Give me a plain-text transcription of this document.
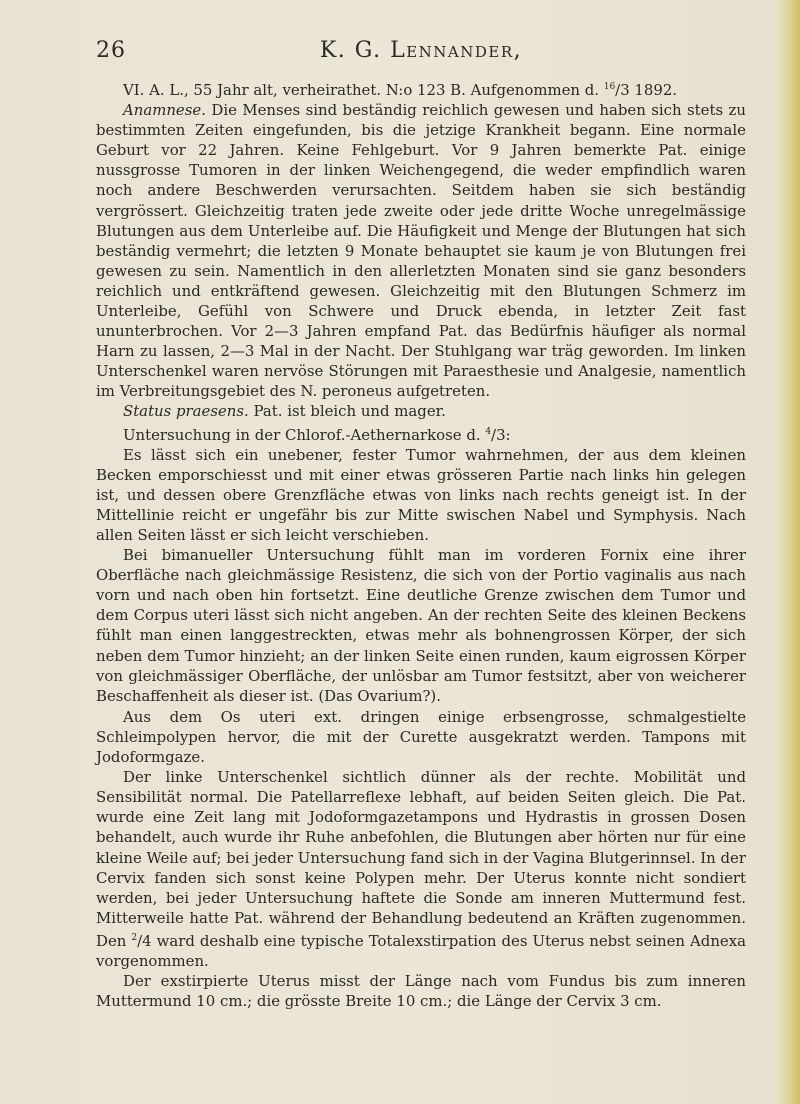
26	K. G. Lennander,

VI. A. L., 55 Jahr alt, verheirathet. N:o 123 B. Aufgenommen d. $^{16}$/3 1892.

Anamnese. Die Menses sind beständig reichlich gewesen und haben sich stets zu bestimmten Zeiten eingefunden, bis die jetzige Krankheit begann. Eine normale Geburt vor 22 Jahren. Keine Fehlgeburt. Vor 9 Jahren bemerkte Pat. einige nussgrosse Tumoren in der linken Weichengegend, die weder empfindlich waren noch andere Beschwerden verursachten. Seitdem haben sie sich beständig vergrössert. Gleichzeitig traten jede zweite oder jede dritte Woche unregelmässige Blutungen aus dem Unterleibe auf. Die Häufigkeit und Menge der Blutungen hat sich beständig vermehrt; die letzten 9 Monate behauptet sie kaum je von Blutungen frei gewesen zu sein. Namentlich in den allerletzten Monaten sind sie ganz besonders reichlich und entkräftend gewesen. Gleichzeitig mit den Blutungen Schmerz im Unterleibe, Gefühl von Schwere und Druck ebenda, in letzter Zeit fast ununterbrochen. Vor 2—3 Jahren empfand Pat. das Bedürfnis häufiger als normal Harn zu lassen, 2—3 Mal in der Nacht. Der Stuhlgang war träg geworden. Im linken Unterschenkel waren nervöse Störungen mit Paraesthesie und Analgesie, namentlich im Verbreitungsgebiet des N. peroneus aufgetreten.

Status praesens. Pat. ist bleich und mager.

Untersuchung in der Chlorof.-Aethernarkose d. $^4$/3:

Es lässt sich ein unebener, fester Tumor wahrnehmen, der aus dem kleinen Becken emporschiesst und mit einer etwas grösseren Partie nach links hin gelegen ist, und dessen obere Grenzfläche etwas von links nach rechts geneigt ist. In der Mittellinie reicht er ungefähr bis zur Mitte swischen Nabel und Symphysis. Nach allen Seiten lässt er sich leicht verschieben.

Bei bimanueller Untersuchung fühlt man im vorderen Fornix eine ihrer Oberfläche nach gleichmässige Resistenz, die sich von der Portio vaginalis aus nach vorn und nach oben hin fortsetzt. Eine deutliche Grenze zwischen dem Tumor und dem Corpus uteri lässt sich nicht angeben. An der rechten Seite des kleinen Beckens fühlt man einen langgestreckten, etwas mehr als bohnengrossen Körper, der sich neben dem Tumor hinzieht; an der linken Seite einen runden, kaum eigrossen Körper von gleichmässiger Oberfläche, der unlösbar am Tumor festsitzt, aber von weicherer Beschaffenheit als dieser ist. (Das Ovarium?).

Aus dem Os uteri ext. dringen einige erbsengrosse, schmalgestielte Schleimpolypen hervor, die mit der Curette ausgekratzt werden. Tampons mit Jodoformgaze.

Der linke Unterschenkel sichtlich dünner als der rechte. Mobilität und Sensibilität normal. Die Patellarreflexe lebhaft, auf beiden Seiten gleich. Die Pat. wurde eine Zeit lang mit Jodoformgazetampons und Hydrastis in grossen Dosen behandelt, auch wurde ihr Ruhe anbefohlen, die Blutungen aber hörten nur für eine kleine Weile auf; bei jeder Untersuchung fand sich in der Vagina Blutgerinnsel. In der Cervix fanden sich sonst keine Polypen mehr. Der Uterus konnte nicht sondiert werden, bei jeder Untersuchung haftete die Sonde am inneren Muttermund fest. Mitterweile hatte Pat. während der Behandlung bedeutend an Kräften zugenommen. Den $^2$/4 ward deshalb eine typische Totalexstirpation des Uterus nebst seinen Adnexa vorgenommen.

Der exstirpierte Uterus misst der Länge nach vom Fundus bis zum inneren Muttermund 10 cm.; die grösste Breite 10 cm.; die Länge der Cervix 3 cm.
